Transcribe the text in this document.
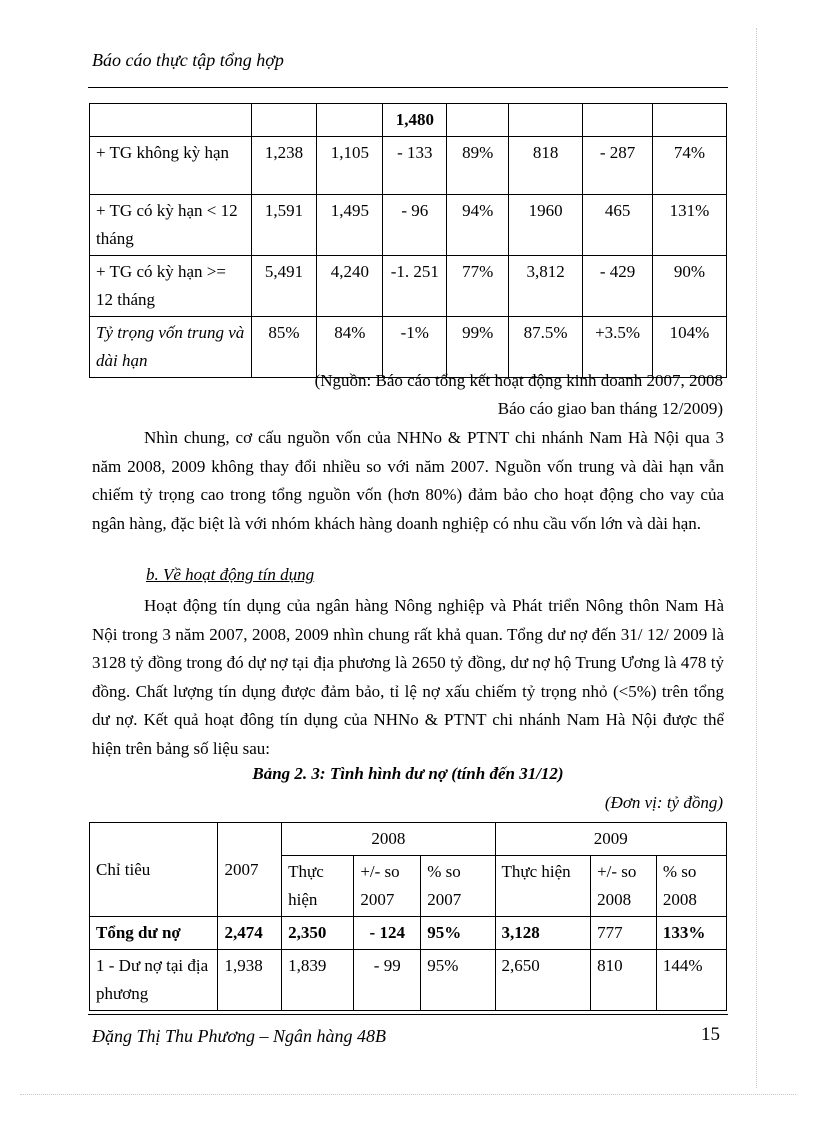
Báo cáo thực tập tổng hợp
			1,480				
+ TG không kỳ hạn	1,238	1,105	- 133	89%	818	- 287	74%
+ TG có kỳ hạn < 12 tháng	1,591	1,495	- 96	94%	1960	465	131%
+ TG có kỳ hạn >= 12 tháng	5,491	4,240	-1. 251	77%	3,812	- 429	90%
Tỷ trọng vốn trung và dài hạn	85%	84%	-1%	99%	87.5%	+3.5%	104%
(Nguồn: Báo cáo tổng kết hoạt động kinh doanh 2007, 2008
Báo cáo giao ban tháng 12/2009)
Nhìn chung, cơ cấu nguồn vốn của NHNo & PTNT chi nhánh Nam Hà Nội qua 3 năm 2008, 2009 không thay đổi nhiều so với năm 2007. Nguồn vốn trung và dài hạn vẫn chiếm tỷ trọng cao trong tổng nguồn vốn (hơn 80%) đảm bảo cho hoạt động cho vay của ngân hàng, đặc biệt là với nhóm khách hàng doanh nghiệp có nhu cầu vốn lớn và dài hạn.
b. Về hoạt động tín dụng
Hoạt động tín dụng của ngân hàng Nông nghiệp và Phát triển Nông thôn Nam Hà Nội trong 3 năm 2007, 2008, 2009 nhìn chung rất khả quan. Tổng dư nợ đến 31/ 12/ 2009 là 3128 tỷ đồng trong đó dự nợ tại địa phương là 2650 tỷ đồng, dư nợ hộ Trung Ương là 478 tỷ đồng. Chất lượng tín dụng được đảm bảo, tỉ lệ nợ xấu chiếm tỷ trọng nhỏ (<5%) trên tổng dư nợ. Kết quả hoạt đông tín dụng của NHNo & PTNT chi nhánh Nam Hà Nội được thể hiện trên bảng số liệu sau:
Bảng 2. 3: Tình hình dư nợ (tính đến 31/12)
(Đơn vị: tỷ đồng)
Chỉ tiêu	2007	2008			2009		
		Thực hiện	+/- so 2007	% so 2007	Thực hiện	+/- so 2008	% so 2008

Tổng dư nợ	2,474	2,350	- 124	95%	3,128	777	133%
1 - Dư nợ tại địa phương	1,938	1,839	- 99	95%	2,650	810	144%
Đặng Thị Thu Phương – Ngân hàng 48B	15
